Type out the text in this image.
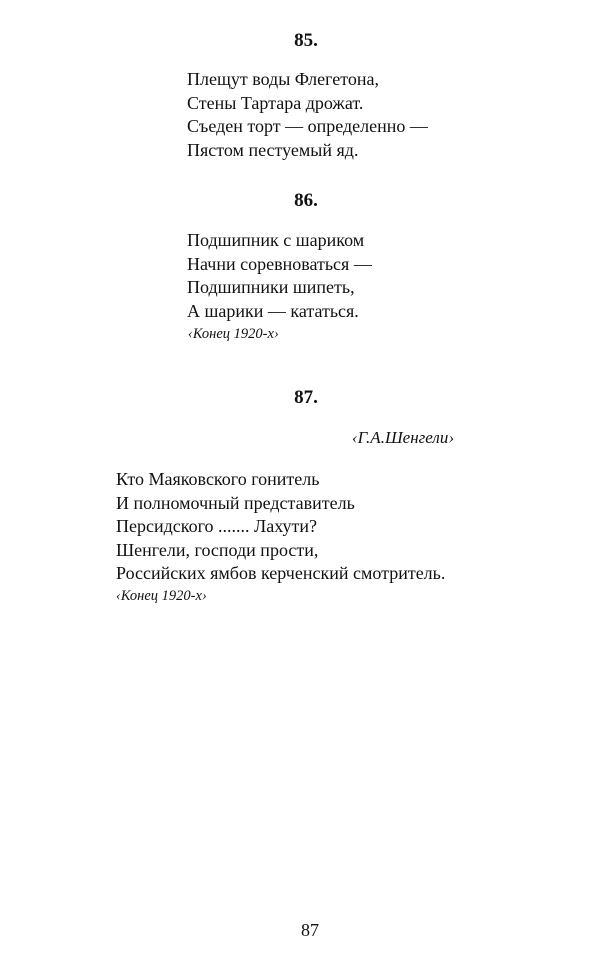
85.
Плещут воды Флегетона,
Стены Тартара дрожат.
Съеден торт — определенно —
Пястом пестуемый яд.
86.
Подшипник с шариком
Начни соревноваться —
Подшипники шипеть,
А шарики — кататься.
‹Конец 1920-х›
87.
‹Г.А.Шенгели›
Кто Маяковского гонитель
И полномочный представитель
Персидского ....... Лахути?
Шенгели, господи прости,
Российских ямбов керченский смотритель.
‹Конец 1920-х›
87
